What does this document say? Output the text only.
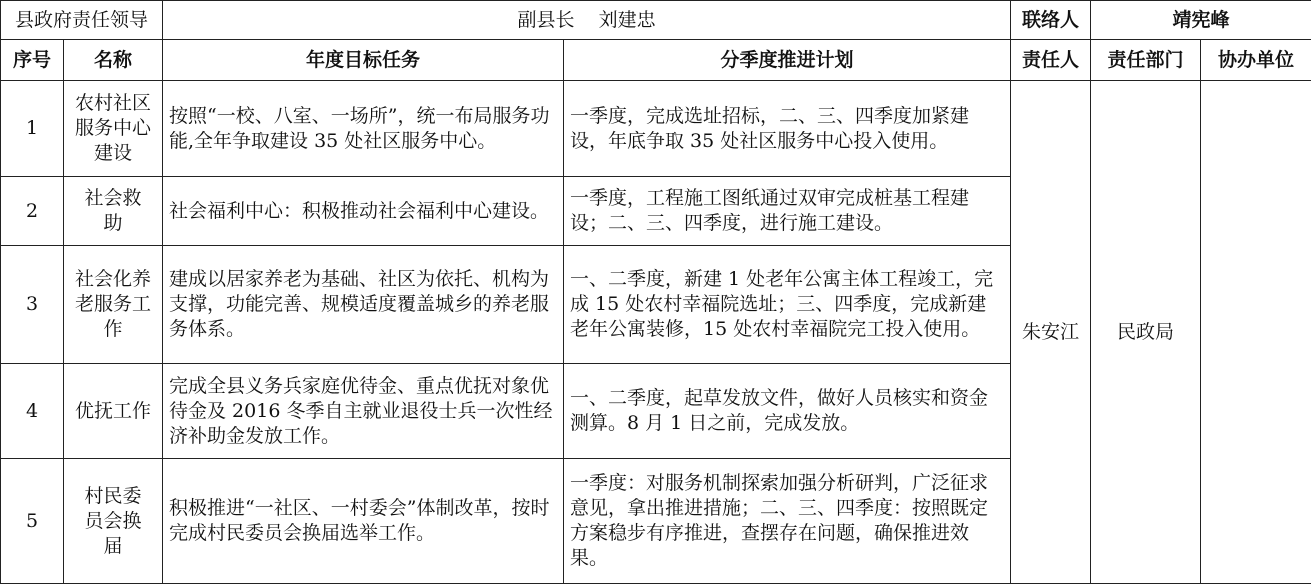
县政府责任领导		副县长    刘建忠		联络人	靖宪峰	
序号	名称	年度目标任务	分季度推进计划	责任人	责任部门	协办单位
1	农村社区服务中心建设	按照“一校、八室、一场所”，统一布局服务功能,全年争取建设 35 处社区服务中心。	一季度，完成选址招标，二、三、四季度加紧建设，年底争取 35 处社区服务中心投入使用。	朱安江	民政局	
2	社会救助	社会福利中心：积极推动社会福利中心建设。	一季度，工程施工图纸通过双审完成桩基工程建设；二、三、四季度，进行施工建设。			
3	社会化养老服务工作	建成以居家养老为基础、社区为依托、机构为支撑，功能完善、规模适度覆盖城乡的养老服务体系。	一、二季度，新建 1 处老年公寓主体工程竣工，完成 15 处农村幸福院选址；三、四季度，完成新建老年公寓装修，15 处农村幸福院完工投入使用。			
4	优抚工作	完成全县义务兵家庭优待金、重点优抚对象优待金及 2016 冬季自主就业退役士兵一次性经济补助金发放工作。	一、二季度，起草发放文件，做好人员核实和资金测算。8 月 1 日之前，完成发放。			
5	村民委员会换届	积极推进“一社区、一村委会”体制改革，按时完成村民委员会换届选举工作。	一季度：对服务机制探索加强分析研判，广泛征求意见，拿出推进措施；二、三、四季度：按照既定方案稳步有序推进，查摆存在问题，确保推进效果。			
